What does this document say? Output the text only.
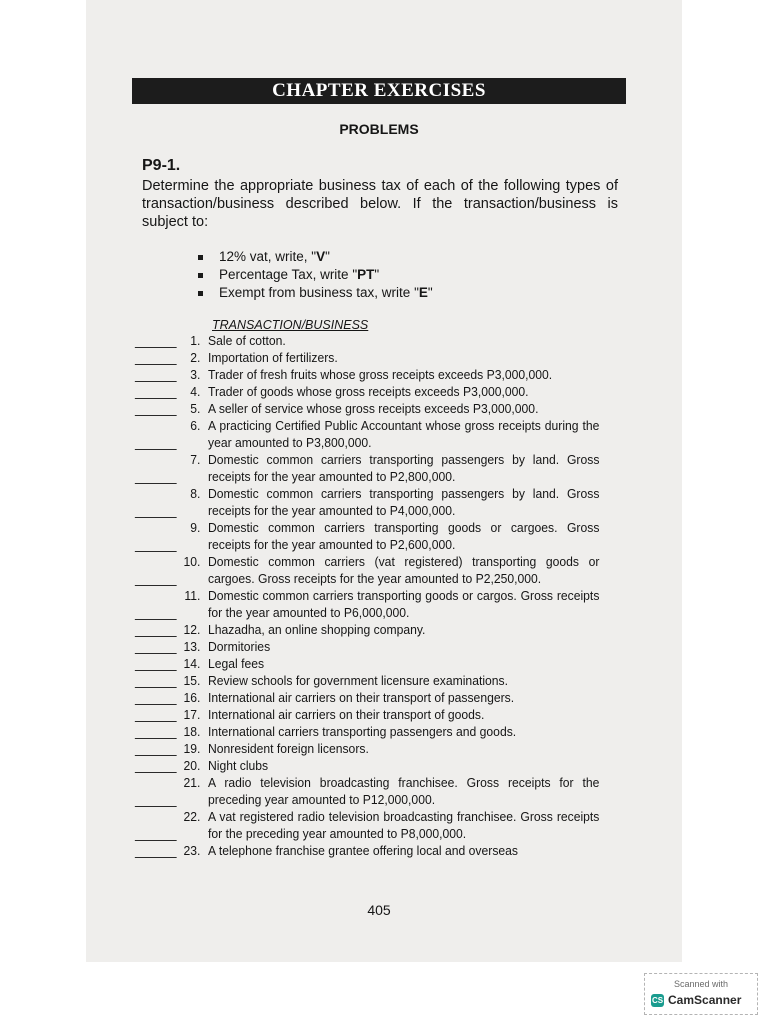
CHAPTER EXERCISES
PROBLEMS
P9-1.
Determine the appropriate business tax of each of the following types of transaction/business described below. If the transaction/business is subject to:
12% vat, write, "V"
Percentage Tax, write "PT"
Exempt from business tax, write "E"
TRANSACTION/BUSINESS
1. Sale of cotton.
2. Importation of fertilizers.
3. Trader of fresh fruits whose gross receipts exceeds P3,000,000.
4. Trader of goods whose gross receipts exceeds P3,000,000.
5. A seller of service whose gross receipts exceeds P3,000,000.
6. A practicing Certified Public Accountant whose gross receipts during the year amounted to P3,800,000.
7. Domestic common carriers transporting passengers by land. Gross receipts for the year amounted to P2,800,000.
8. Domestic common carriers transporting passengers by land. Gross receipts for the year amounted to P4,000,000.
9. Domestic common carriers transporting goods or cargoes. Gross receipts for the year amounted to P2,600,000.
10. Domestic common carriers (vat registered) transporting goods or cargoes. Gross receipts for the year amounted to P2,250,000.
11. Domestic common carriers transporting goods or cargos. Gross receipts for the year amounted to P6,000,000.
12. Lhazadha, an online shopping company.
13. Dormitories
14. Legal fees
15. Review schools for government licensure examinations.
16. International air carriers on their transport of passengers.
17. International air carriers on their transport of goods.
18. International carriers transporting passengers and goods.
19. Nonresident foreign licensors.
20. Night clubs
21. A radio television broadcasting franchisee. Gross receipts for the preceding year amounted to P12,000,000.
22. A vat registered radio television broadcasting franchisee. Gross receipts for the preceding year amounted to P8,000,000.
23. A telephone franchise grantee offering local and overseas
405
Scanned with
CS CamScanner
